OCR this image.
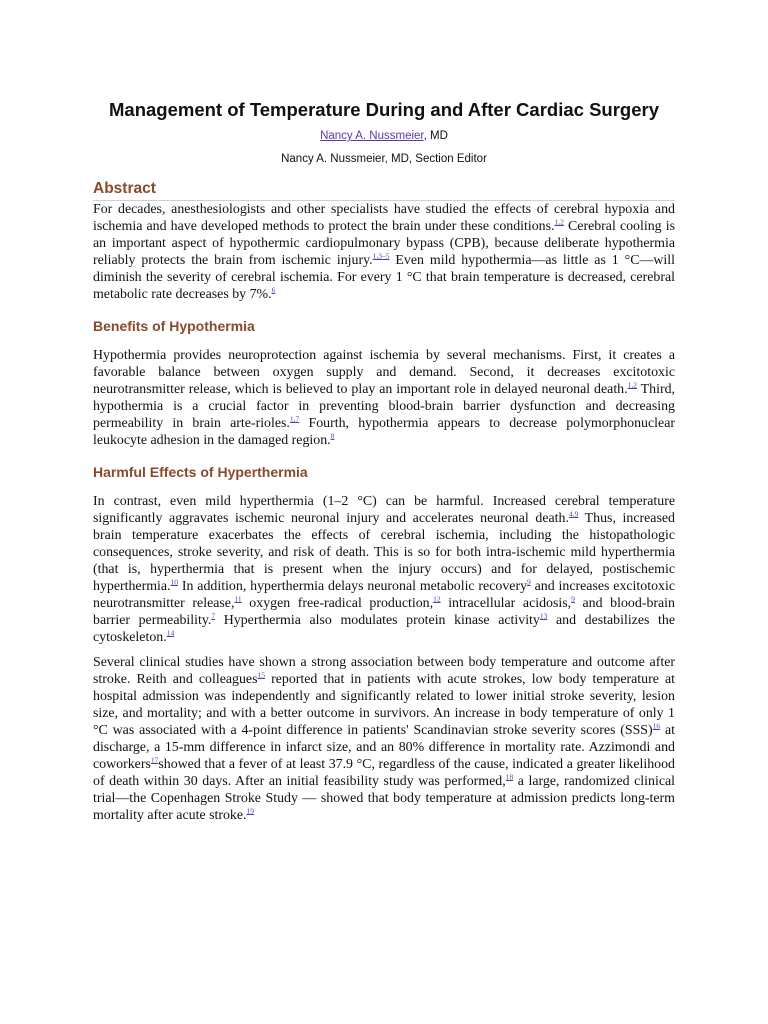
Management of Temperature During and After Cardiac Surgery
Nancy A. Nussmeier, MD
Nancy A. Nussmeier, MD, Section Editor
Abstract

For decades, anesthesiologists and other specialists have studied the effects of cerebral hypoxia and ischemia and have developed methods to protect the brain under these conditions.$^{1,2}$ Cerebral cooling is an important aspect of hypothermic cardiopulmonary bypass (CPB), because deliberate hypothermia reliably protects the brain from ischemic injury.$^{1,3-5}$ Even mild hypothermia—as little as 1 °C—will diminish the severity of cerebral ischemia. For every 1 °C that brain temperature is decreased, cerebral metabolic rate decreases by 7%.$^6$

Benefits of Hypothermia

Hypothermia provides neuroprotection against ischemia by several mechanisms. First, it creates a favorable balance between oxygen supply and demand. Second, it decreases excitotoxic neurotransmitter release, which is believed to play an important role in delayed neuronal death.$^{1,2}$ Third, hypothermia is a crucial factor in preventing blood-brain barrier dysfunction and decreasing permeability in brain arte-rioles.$^{1,7}$ Fourth, hypothermia appears to decrease polymorphonuclear leukocyte adhesion in the damaged region.$^8$

Harmful Effects of Hyperthermia

In contrast, even mild hyperthermia (1–2 °C) can be harmful. Increased cerebral temperature significantly aggravates ischemic neuronal injury and accelerates neuronal death.$^{4,9}$ Thus, increased brain temperature exacerbates the effects of cerebral ischemia, including the histopathologic consequences, stroke severity, and risk of death. This is so for both intra-ischemic mild hyperthermia (that is, hyperthermia that is present when the injury occurs) and for delayed, postischemic hyperthermia.$^{10}$ In addition, hyperthermia delays neuronal metabolic recovery$^9$ and increases excitotoxic neurotransmitter release,$^{11}$ oxygen free-radical production,$^{12}$ intracellular acidosis,$^9$ and blood-brain barrier permeability.$^7$ Hyperthermia also modulates protein kinase activity$^{13}$ and destabilizes the cytoskeleton.$^{14}$

Several clinical studies have shown a strong association between body temperature and outcome after stroke. Reith and colleagues$^{15}$ reported that in patients with acute strokes, low body temperature at hospital admission was independently and significantly related to lower initial stroke severity, lesion size, and mortality; and with a better outcome in survivors. An increase in body temperature of only 1 °C was associated with a 4-point difference in patients' Scandinavian stroke severity scores (SSS)$^{16}$ at discharge, a 15-mm difference in infarct size, and an 80% difference in mortality rate. Azzimondi and coworkers$^{17}$showed that a fever of at least 37.9 °C, regardless of the cause, indicated a greater likelihood of death within 30 days. After an initial feasibility study was performed,$^{18}$ a large, randomized clinical trial—the Copenhagen Stroke Study — showed that body temperature at admission predicts long-term mortality after acute stroke.$^{19}$
